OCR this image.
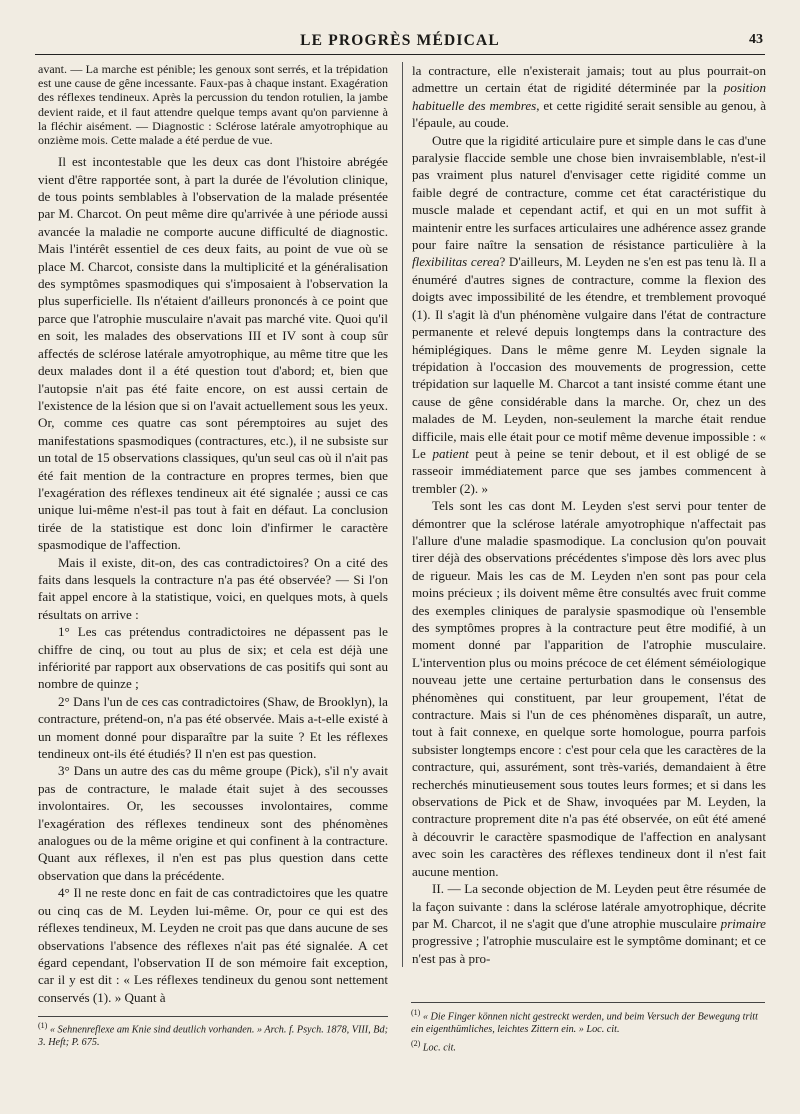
LE PROGRÈS MÉDICAL	43

avant. — La marche est pénible; les genoux sont serrés, et la trépidation est une cause de gêne incessante. Faux-pas à chaque instant. Exagération des réflexes tendineux. Après la percussion du tendon rotulien, la jambe devient raide, et il faut attendre quelque temps avant qu'on parvienne à la fléchir aisément. — Diagnostic : Sclérose latérale amyotrophique au onzième mois. Cette malade a été perdue de vue.

Il est incontestable que les deux cas dont l'histoire abrégée vient d'être rapportée sont, à part la durée de l'évolution clinique, de tous points semblables à l'observation de la malade présentée par M. Charcot. On peut même dire qu'arrivée à une période aussi avancée la maladie ne comporte aucune difficulté de diagnostic. Mais l'intérêt essentiel de ces deux faits, au point de vue où se place M. Charcot, consiste dans la multiplicité et la généralisation des symptômes spasmodiques qui s'imposaient à l'observation la plus superficielle. Ils n'étaient d'ailleurs prononcés à ce point que parce que l'atrophie musculaire n'avait pas marché vite. Quoi qu'il en soit, les malades des observations III et IV sont à coup sûr affectés de sclérose latérale amyotrophique, au même titre que les deux malades dont il a été question tout d'abord; et, bien que l'autopsie n'ait pas été faite encore, on est aussi certain de l'existence de la lésion que si on l'avait actuellement sous les yeux. Or, comme ces quatre cas sont péremptoires au sujet des manifestations spasmodiques (contractures, etc.), il ne subsiste sur un total de 15 observations classiques, qu'un seul cas où il n'ait pas été fait mention de la contracture en propres termes, bien que l'exagération des réflexes tendineux ait été signalée ; aussi ce cas unique lui-même n'est-il pas tout à fait en défaut. La conclusion tirée de la statistique est donc loin d'infirmer le caractère spasmodique de l'affection.

Mais il existe, dit-on, des cas contradictoires? On a cité des faits dans lesquels la contracture n'a pas été observée? — Si l'on fait appel encore à la statistique, voici, en quelques mots, à quels résultats on arrive :

1° Les cas prétendus contradictoires ne dépassent pas le chiffre de cinq, ou tout au plus de six; et cela est déjà une infériorité par rapport aux observations de cas positifs qui sont au nombre de quinze ;

2° Dans l'un de ces cas contradictoires (Shaw, de Brooklyn), la contracture, prétend-on, n'a pas été observée. Mais a-t-elle existé à un moment donné pour disparaître par la suite ? Et les réflexes tendineux ont-ils été étudiés? Il n'en est pas question.

3° Dans un autre des cas du même groupe (Pick), s'il n'y avait pas de contracture, le malade était sujet à des secousses involontaires. Or, les secousses involontaires, comme l'exagération des réflexes tendineux sont des phénomènes analogues ou de la même origine et qui confinent à la contracture. Quant aux réflexes, il n'en est pas plus question dans cette observation que dans la précédente.

4° Il ne reste donc en fait de cas contradictoires que les quatre ou cinq cas de M. Leyden lui-même. Or, pour ce qui est des réflexes tendineux, M. Leyden ne croit pas que dans aucune de ses observations l'absence des réflexes n'ait pas été signalée. A cet égard cependant, l'observation II de son mémoire fait exception, car il y est dit : « Les réflexes tendineux du genou sont nettement conservés (1). » Quant à

la contracture, elle n'existerait jamais; tout au plus pourrait-on admettre un certain état de rigidité déterminée par la position habituelle des membres, et cette rigidité serait sensible au genou, à l'épaule, au coude.

Outre que la rigidité articulaire pure et simple dans le cas d'une paralysie flaccide semble une chose bien invraisemblable, n'est-il pas vraiment plus naturel d'envisager cette rigidité comme un faible degré de contracture, comme cet état caractéristique du muscle malade et cependant actif, et qui en un mot suffit à maintenir entre les surfaces articulaires une adhérence assez grande pour faire naître la sensation de résistance particulière à la flexibilitas cerea? D'ailleurs, M. Leyden ne s'en est pas tenu là. Il a énuméré d'autres signes de contracture, comme la flexion des doigts avec impossibilité de les étendre, et tremblement provoqué (1). Il s'agit là d'un phénomène vulgaire dans l'état de contracture permanente et relevé depuis longtemps dans la contracture des hémiplégiques. Dans le même genre M. Leyden signale la trépidation à l'occasion des mouvements de progression, cette trépidation sur laquelle M. Charcot a tant insisté comme étant une cause de gêne considérable dans la marche. Or, chez un des malades de M. Leyden, non-seulement la marche était rendue difficile, mais elle était pour ce motif même devenue impossible : « Le patient peut à peine se tenir debout, et il est obligé de se rasseoir immédiatement parce que ses jambes commencent à trembler (2). »

Tels sont les cas dont M. Leyden s'est servi pour tenter de démontrer que la sclérose latérale amyotrophique n'affectait pas l'allure d'une maladie spasmodique. La conclusion qu'on pouvait tirer déjà des observations précédentes s'impose dès lors avec plus de rigueur. Mais les cas de M. Leyden n'en sont pas pour cela moins précieux ; ils doivent même être consultés avec fruit comme des exemples cliniques de paralysie spasmodique où l'ensemble des symptômes propres à la contracture peut être modifié, à un moment donné par l'apparition de l'atrophie musculaire. L'intervention plus ou moins précoce de cet élément séméiologique nouveau jette une certaine perturbation dans le consensus des phénomènes qui constituent, par leur groupement, l'état de contracture. Mais si l'un de ces phénomènes disparaît, un autre, tout à fait connexe, en quelque sorte homologue, pourra parfois subsister longtemps encore : c'est pour cela que les caractères de la contracture, qui, assurément, sont très-variés, demandaient à être recherchés minutieusement sous toutes leurs formes; et si dans les observations de Pick et de Shaw, invoquées par M. Leyden, la contracture proprement dite n'a pas été observée, on eût été amené à découvrir le caractère spasmodique de l'affection en analysant avec soin les caractères des réflexes tendineux dont il n'est fait aucune mention.

II. — La seconde objection de M. Leyden peut être résumée de la façon suivante : dans la sclérose latérale amyotrophique, décrite par M. Charcot, il ne s'agit que d'une atrophie musculaire primaire progressive ; l'atrophie musculaire est le symptôme dominant; et ce n'est pas à pro-

$^{(1)}$ « Sehnenreflexe am Knie sind deutlich vorhanden. » Arch. f. Psych. 1878, VIII, Bd; 3. Heft; P. 675.
$^{(1)}$ « Die Finger können nicht gestreckt werden, und beim Versuch der Bewegung tritt ein eigenthümliches, leichtes Zittern ein. » Loc. cit.
$^{(2)}$ Loc. cit.
